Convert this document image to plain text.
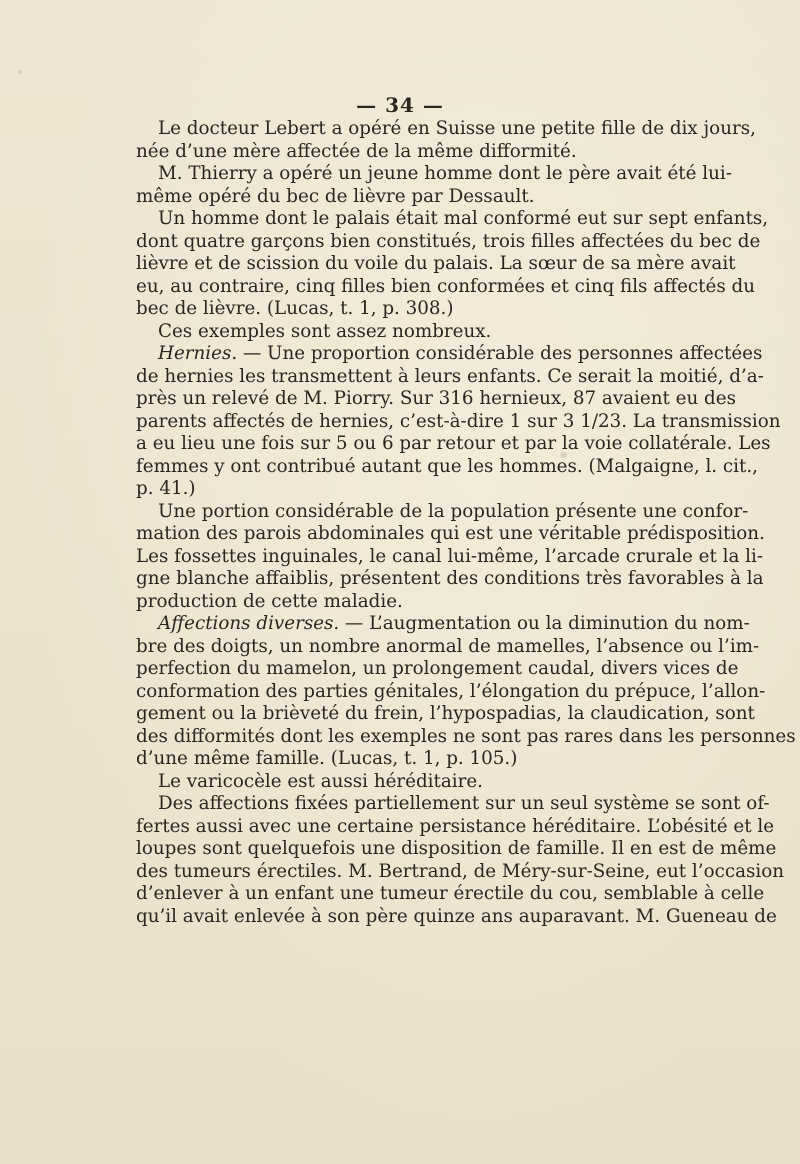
— 34 —
Le docteur Lebert a opéré en Suisse une petite fille de dix jours,
née d’une mère affectée de la même difformité.
M. Thierry a opéré un jeune homme dont le père avait été lui-
même opéré du bec de lièvre par Dessault.
Un homme dont le palais était mal conformé eut sur sept enfants,
dont quatre garçons bien constitués, trois filles affectées du bec de
lièvre et de scission du voile du palais. La sœur de sa mère avait
eu, au contraire, cinq filles bien conformées et cinq fils affectés du
bec de lièvre. (Lucas, t. 1, p. 308.)
Ces exemples sont assez nombreux.
Hernies. — Une proportion considérable des personnes affectées
de hernies les transmettent à leurs enfants. Ce serait la moitié, d’a-
près un relevé de M. Piorry. Sur 316 hernieux, 87 avaient eu des
parents affectés de hernies, c’est-à-dire 1 sur 3 1/23. La transmission
a eu lieu une fois sur 5 ou 6 par retour et par la voie collatérale. Les
femmes y ont contribué autant que les hommes. (Malgaigne, l. cit.,
p. 41.)
Une portion considérable de la population présente une confor-
mation des parois abdominales qui est une véritable prédisposition.
Les fossettes inguinales, le canal lui-même, l’arcade crurale et la li-
gne blanche affaiblis, présentent des conditions très favorables à la
production de cette maladie.
Affections diverses. — L’augmentation ou la diminution du nom-
bre des doigts, un nombre anormal de mamelles, l’absence ou l’im-
perfection du mamelon, un prolongement caudal, divers vices de
conformation des parties génitales, l’élongation du prépuce, l’allon-
gement ou la brièveté du frein, l’hypospadias, la claudication, sont
des difformités dont les exemples ne sont pas rares dans les personnes
d’une même famille. (Lucas, t. 1, p. 105.)
Le varicocèle est aussi héréditaire.
Des affections fixées partiellement sur un seul système se sont of-
fertes aussi avec une certaine persistance héréditaire. L’obésité et le
loupes sont quelquefois une disposition de famille. Il en est de même
des tumeurs érectiles. M. Bertrand, de Méry-sur-Seine, eut l’occasion
d’enlever à un enfant une tumeur érectile du cou, semblable à celle
qu’il avait enlevée à son père quinze ans auparavant. M. Gueneau de
